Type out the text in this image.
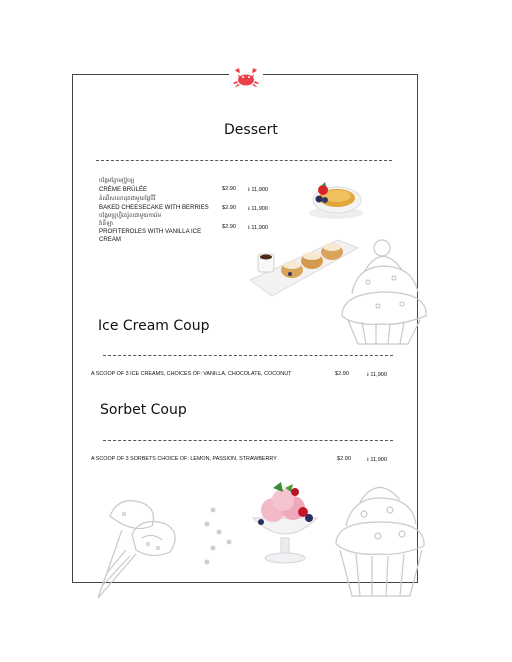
Dessert
បង្អែមក្រែមប៊្រូឡេ
CRÈME BRÛLÉE	$2.90 ៛ 11,900
នំឈីសខេកដុតជាមួយផ្លែបឺរី
BAKED CHEESECAKE WITH BERRIES $2.90 ៛ 11,900
បង្អែមប្រូហ្វីតេរ៉ូលជាមួយការ៉េម
វ៉ានីឡា
PROFITEROLES WITH VANILLA ICE
CREAM
$2.90 ៛ 11,900
Ice Cream Coup
A SCOOP OF 3 ICE CREAMS, CHOICES OF: VANILLA, CHOCOLATE, COCONUT	$2.90	៛ 11,900
Sorbet Coup
A SCOOP OF 3 SORBETS CHOICE OF: LEMON, PASSION, STRAWBERRY	$2.90	៛ 11,900
